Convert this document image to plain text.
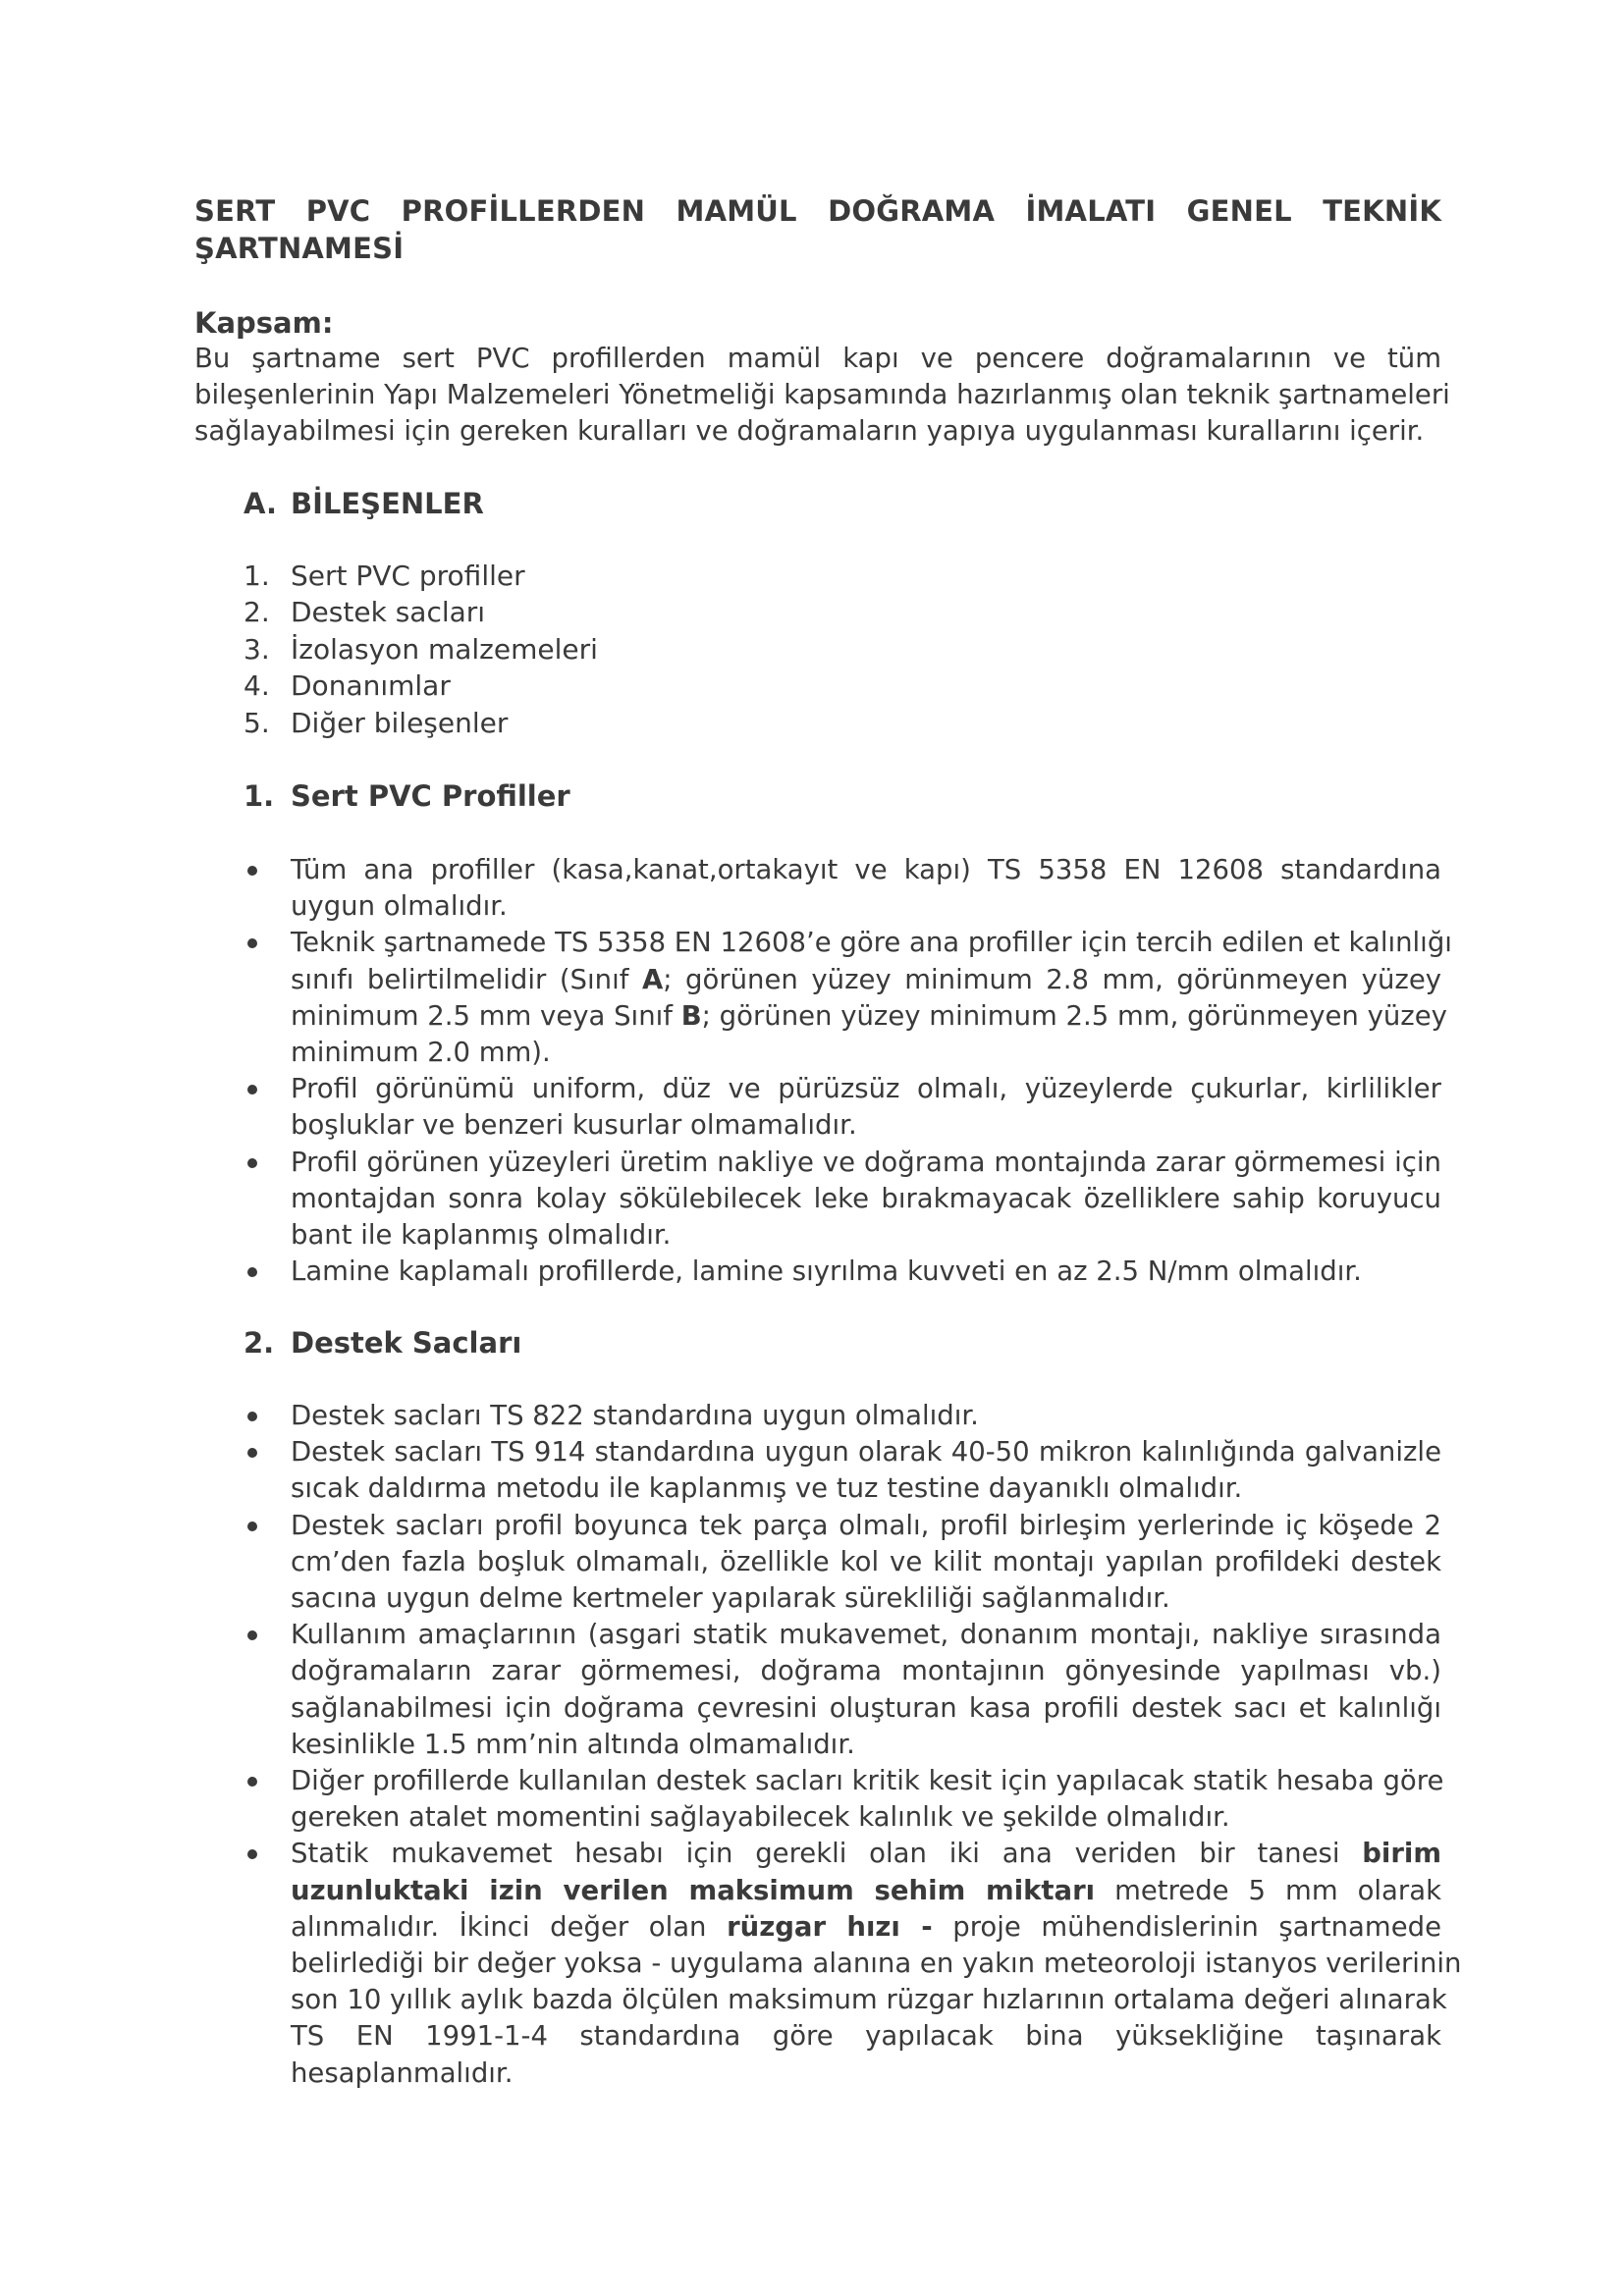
SERT PVC PROFİLLERDEN MAMÜL DOĞRAMA İMALATI GENEL TEKNİK
ŞARTNAMESİ
Kapsam:
Bu şartname sert PVC profillerden mamül kapı ve pencere doğramalarının ve tüm
bileşenlerinin Yapı Malzemeleri Yönetmeliği kapsamında hazırlanmış olan teknik şartnameleri
sağlayabilmesi için gereken kuralları ve doğramaların yapıya uygulanması kurallarını içerir.
A. BİLEŞENLER
1. Sert PVC profiller
2. Destek sacları
3. İzolasyon malzemeleri
4. Donanımlar
5. Diğer bileşenler
1. Sert PVC Profiller
Tüm ana profiller (kasa,kanat,ortakayıt ve kapı) TS 5358 EN 12608 standardına
uygun olmalıdır.
Teknik şartnamede TS 5358 EN 12608’e göre ana profiller için tercih edilen et kalınlığı
sınıfı belirtilmelidir (Sınıf A; görünen yüzey minimum 2.8 mm, görünmeyen yüzey
minimum 2.5 mm veya Sınıf B; görünen yüzey minimum 2.5 mm, görünmeyen yüzey
minimum 2.0 mm).
Profil görünümü uniform, düz ve pürüzsüz olmalı, yüzeylerde çukurlar, kirlilikler
boşluklar ve benzeri kusurlar olmamalıdır.
Profil görünen yüzeyleri üretim nakliye ve doğrama montajında zarar görmemesi için
montajdan sonra kolay sökülebilecek leke bırakmayacak özelliklere sahip koruyucu
bant ile kaplanmış olmalıdır.
Lamine kaplamalı profillerde, lamine sıyrılma kuvveti en az 2.5 N/mm olmalıdır.
2. Destek Sacları
Destek sacları TS 822 standardına uygun olmalıdır.
Destek sacları TS 914 standardına uygun olarak 40-50 mikron kalınlığında galvanizle
sıcak daldırma metodu ile kaplanmış ve tuz testine dayanıklı olmalıdır.
Destek sacları profil boyunca tek parça olmalı, profil birleşim yerlerinde iç köşede 2
cm’den fazla boşluk olmamalı, özellikle kol ve kilit montajı yapılan profildeki destek
sacına uygun delme kertmeler yapılarak sürekliliği sağlanmalıdır.
Kullanım amaçlarının (asgari statik mukavemet, donanım montajı, nakliye sırasında
doğramaların zarar görmemesi, doğrama montajının gönyesinde yapılması vb.)
sağlanabilmesi için doğrama çevresini oluşturan kasa profili destek sacı et kalınlığı
kesinlikle 1.5 mm’nin altında olmamalıdır.
Diğer profillerde kullanılan destek sacları kritik kesit için yapılacak statik hesaba göre
gereken atalet momentini sağlayabilecek kalınlık ve şekilde olmalıdır.
Statik mukavemet hesabı için gerekli olan iki ana veriden bir tanesi birim
uzunluktaki izin verilen maksimum sehim miktarı metrede 5 mm olarak
alınmalıdır. İkinci değer olan rüzgar hızı - proje mühendislerinin şartnamede
belirlediği bir değer yoksa - uygulama alanına en yakın meteoroloji istanyos verilerinin
son 10 yıllık aylık bazda ölçülen maksimum rüzgar hızlarının ortalama değeri alınarak
TS EN 1991-1-4 standardına göre yapılacak bina yüksekliğine taşınarak
hesaplanmalıdır.
